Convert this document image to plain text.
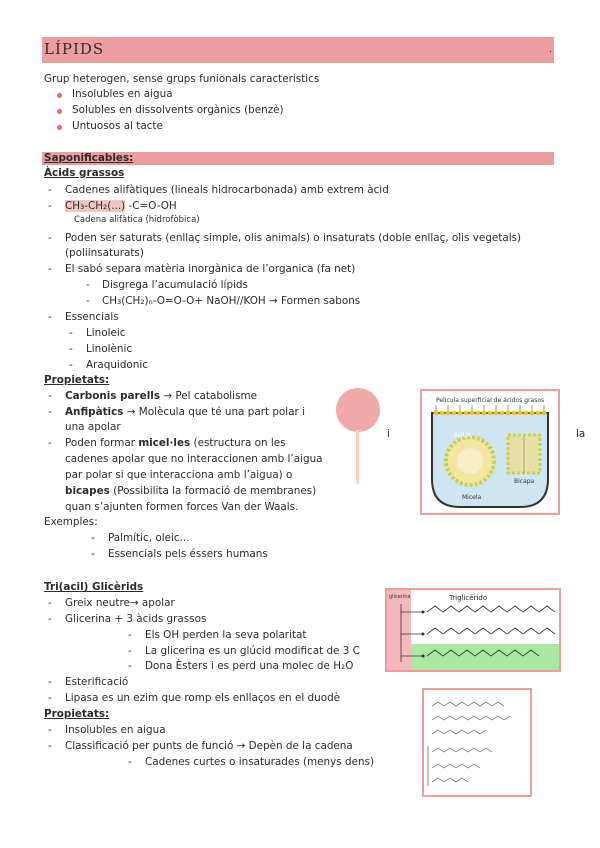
LÍPIDS	.
Grup heterogen, sense grups funionals caracteristics
Insolubles en aigua
Solubles en dissolvents orgànics (benzè)
Untuosos al tacte
Saponificables:
Àcids grassos
- Cadenes alifàtiques (lineals hidrocarbonada) amb extrem àcid
- CH₃-CH₂(...) -C=O-OH
Cadena alifàtica (hidrofòbica)
- Poden ser saturats (enllaç simple, olis animals) o insaturats (doble enllaç, olis vegetals)
(poliinsaturats)
- El sabó separa matèria inorgànica de l’organica (fa net)
- Disgrega l’acumulació lípids
- CH₃(CH₂)ₙ-O=O-O+ NaOH//KOH → Formen sabons
- Essencials
- Linoleic
- Linolènic
- Araquidonic
Propietats:
- Carbonis parells → Pel catabolisme
- Anfipàtics → Molècula que té una part polar i
una apolar
- Poden formar micel·les (estructura on les
cadenes apolar que no interaccionen amb l’aigua
par polar si que interacciona amb l’aigua) o
bicapes (Possibilita la formació de membranes)
quan s’ajunten formen forces Van der Waals.
Exemples:
- Palmític, oleic...
- Essencials pels éssers humans
i	la
Película superficial de ácidos grasos
AGUA
Bicapa
Micela
Tri(acil) Glicèrids
- Greix neutre→ apolar
- Glicerina + 3 àcids grassos
- Els OH perden la seva polaritat
- La glicerina es un glúcid modificat de 3 C
- Dona Èsters i es perd una molec de H₂O
- Esterificació
- Lipasa es un ezim que romp els enllaços en el duodè
glicerina	Triglicérido
Propietats:
- Insolubles en aigua
- Classificació per punts de funció → Depèn de la cadena
- Cadenes curtes o insaturades (menys dens)
